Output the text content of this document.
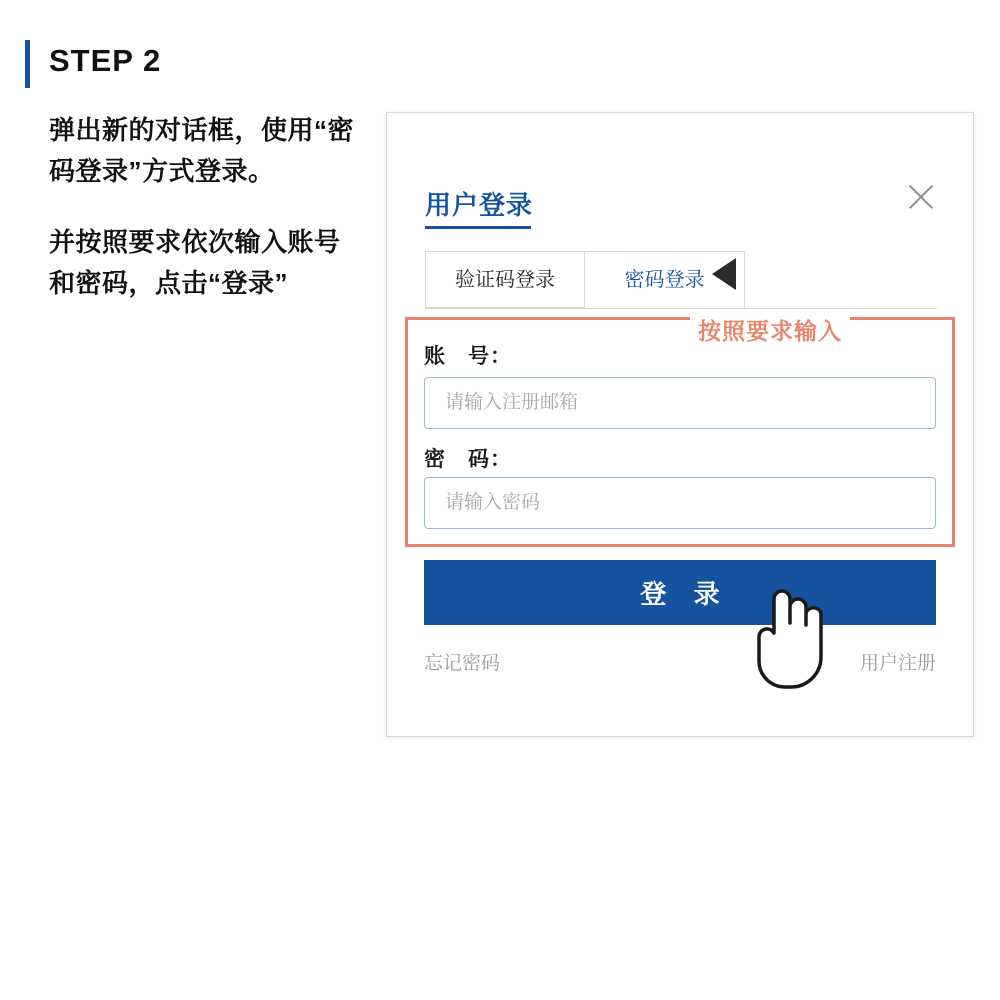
STEP 2

弹出新的对话框，使用“密码登录”方式登录。

并按照要求依次输入账号和密码，点击“登录”

用户登录
验证码登录	密码登录
按照要求输入
账　号：
请输入注册邮箱
密　码：
请输入密码
登 录
忘记密码	用户注册
